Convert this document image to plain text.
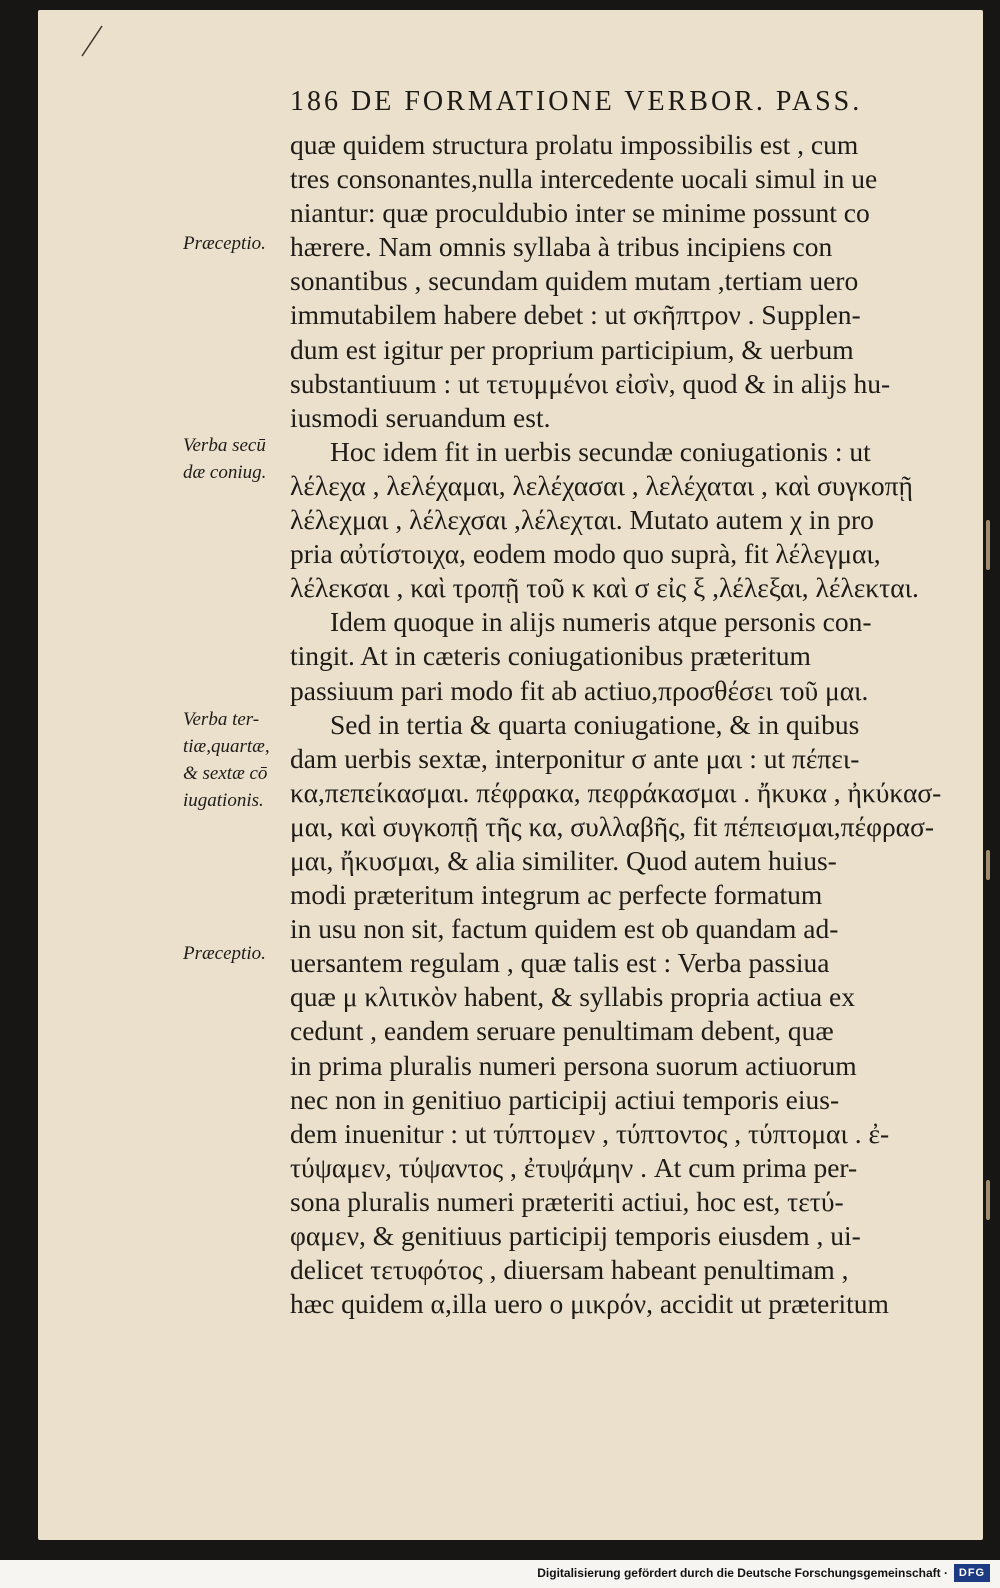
186 DE FORMATIONE VERBOR. PASS.
quæ quidem structura prolatu impossibilis est , cum
tres consonantes,nulla intercedente uocali simul in ue
niantur: quæ proculdubio inter se minime possunt co
hærere. Nam omnis syllaba à tribus incipiens con
sonantibus , secundam quidem mutam ,tertiam uero
immutabilem habere debet : ut σκῆπτρον . Supplen-
dum est igitur per proprium participium, & uerbum
substantiuum : ut τετυμμένοι εἰσὶν, quod & in alijs hu-
iusmodi seruandum est.
Hoc idem fit in uerbis secundæ coniugationis : ut
λέλεχα , λελέχαμαι, λελέχασαι , λελέχαται , καὶ συγκοπῇ
λέλεχμαι , λέλεχσαι ,λέλεχται. Mutato autem χ in pro
pria αὐτίστοιχα, eodem modo quo suprà, fit λέλεγμαι,
λέλεκσαι , καὶ τροπῇ τοῦ κ καὶ σ εἰς ξ ,λέλεξαι, λέλεκται.
Idem quoque in alijs numeris atque personis con-
tingit. At in cæteris coniugationibus præteritum
passiuum pari modo fit ab actiuo,προσθέσει τοῦ μαι.
Sed in tertia & quarta coniugatione, & in quibus
dam uerbis sextæ, interponitur σ ante μαι : ut πέπει-
κα,πεπείκασμαι. πέφρακα, πεφράκασμαι . ἤκυκα , ἠκύκασ-
μαι, καὶ συγκοπῇ τῆς κα, συλλαβῆς, fit πέπεισμαι,πέφρασ-
μαι, ἤκυσμαι, & alia similiter. Quod autem huius-
modi præteritum integrum ac perfecte formatum
in usu non sit, factum quidem est ob quandam ad-
uersantem regulam , quæ talis est : Verba passiua
quæ μ κλιτικὸν habent, & syllabis propria actiua ex
cedunt , eandem seruare penultimam debent, quæ
in prima pluralis numeri persona suorum actiuorum
nec non in genitiuo participij actiui temporis eius-
dem inuenitur : ut τύπτομεν , τύπτοντος , τύπτομαι . ἐ-
τύψαμεν, τύψαντος , ἐτυψάμην . At cum prima per-
sona pluralis numeri præteriti actiui, hoc est, τετύ-
φαμεν, & genitiuus participij temporis eiusdem , ui-
delicet τετυφότος , diuersam habeant penultimam ,
hæc quidem α,illa uero ο μικρόν, accidit ut præteritum
Præceptio.
Verba secū
dæ coniug.
Verba ter-
tiæ,quartæ,
& sextæ cō
iugationis.
Præceptio.
Digitalisierung gefördert durch die Deutsche Forschungsgemeinschaft · DFG
